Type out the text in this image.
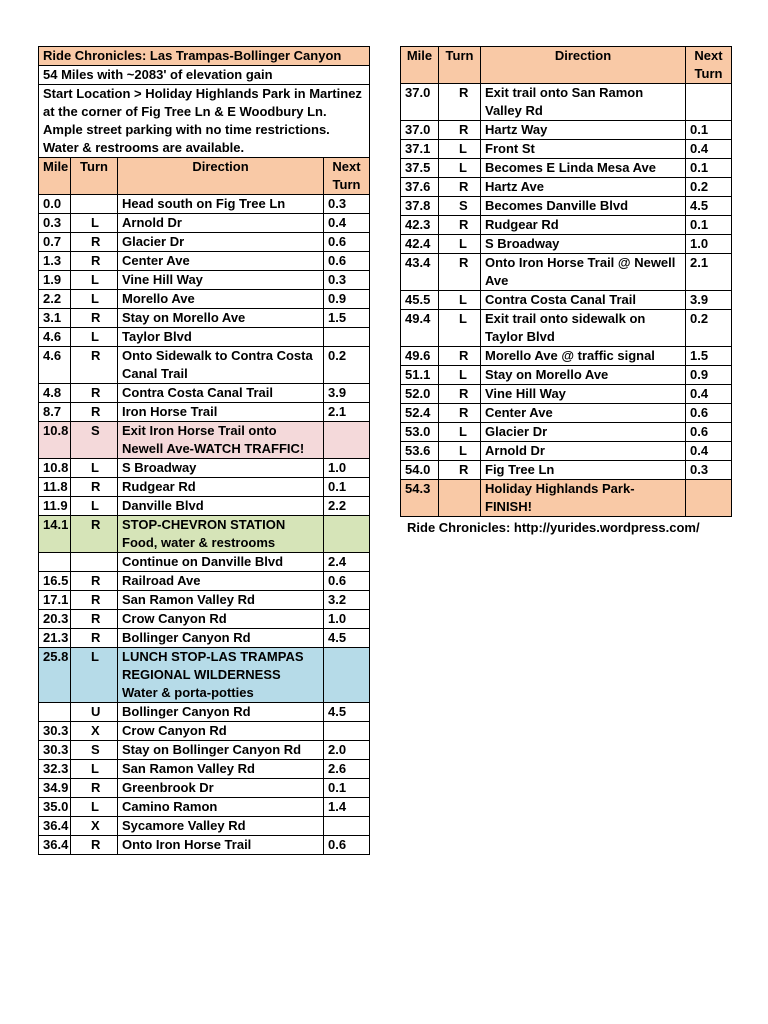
Ride Chronicles: Las Trampas-Bollinger Canyon			
54 Miles with ~2083' of elevation gain			
Start Location > Holiday Highlands Park in Martinez at the corner of Fig Tree Ln & E Woodbury Ln. Ample street parking with no time restrictions. Water & restrooms are available.			
Mile	Turn	Direction	Next Turn
0.0		Head south on Fig Tree Ln	0.3
0.3	L	Arnold Dr	0.4
0.7	R	Glacier Dr	0.6
1.3	R	Center Ave	0.6
1.9	L	Vine Hill Way	0.3
2.2	L	Morello Ave	0.9
3.1	R	Stay on Morello Ave	1.5
4.6	L	Taylor Blvd	
4.6	R	Onto Sidewalk to Contra Costa Canal Trail	0.2
4.8	R	Contra Costa Canal Trail	3.9
8.7	R	Iron Horse Trail	2.1
10.8	S	Exit Iron Horse Trail onto Newell Ave-WATCH TRAFFIC!	
10.8	L	S Broadway	1.0
11.8	R	Rudgear Rd	0.1
11.9	L	Danville Blvd	2.2
14.1	R	STOP-CHEVRON STATION Food, water & restrooms	
		Continue on Danville Blvd	2.4
16.5	R	Railroad Ave	0.6
17.1	R	San Ramon Valley Rd	3.2
20.3	R	Crow Canyon Rd	1.0
21.3	R	Bollinger Canyon Rd	4.5
25.8	L	LUNCH STOP-LAS TRAMPAS REGIONAL WILDERNESS Water & porta-potties	
	U	Bollinger Canyon Rd	4.5
30.3	X	Crow Canyon Rd	
30.3	S	Stay on Bollinger Canyon Rd	2.0
32.3	L	San Ramon Valley Rd	2.6
34.9	R	Greenbrook Dr	0.1
35.0	L	Camino Ramon	1.4
36.4	X	Sycamore Valley Rd	
36.4	R	Onto Iron Horse Trail	0.6
Mile	Turn	Direction	Next Turn
37.0	R	Exit trail onto San Ramon Valley Rd	
37.0	R	Hartz Way	0.1
37.1	L	Front St	0.4
37.5	L	Becomes E Linda Mesa Ave	0.1
37.6	R	Hartz Ave	0.2
37.8	S	Becomes Danville Blvd	4.5
42.3	R	Rudgear Rd	0.1
42.4	L	S Broadway	1.0
43.4	R	Onto Iron Horse Trail @ Newell Ave	2.1
45.5	L	Contra Costa Canal Trail	3.9
49.4	L	Exit trail onto sidewalk on Taylor Blvd	0.2
49.6	R	Morello Ave @ traffic signal	1.5
51.1	L	Stay on Morello Ave	0.9
52.0	R	Vine Hill Way	0.4
52.4	R	Center Ave	0.6
53.0	L	Glacier Dr	0.6
53.6	L	Arnold Dr	0.4
54.0	R	Fig Tree Ln	0.3
54.3		Holiday Highlands Park-FINISH!	
Ride Chronicles: http://yurides.wordpress.com/
